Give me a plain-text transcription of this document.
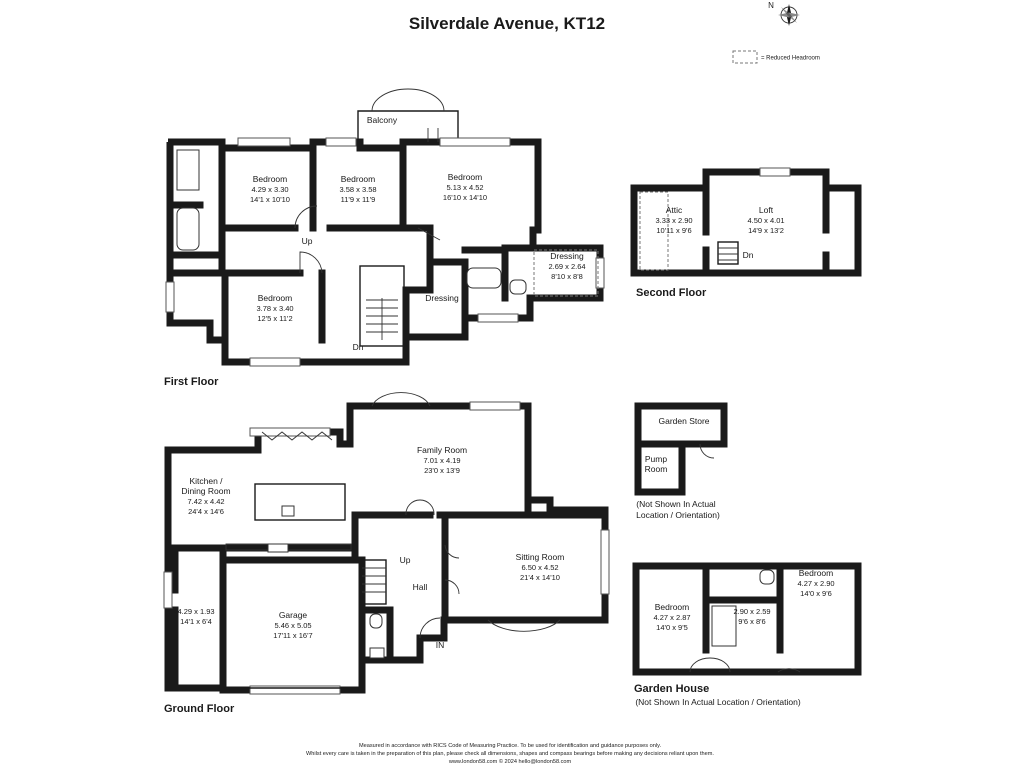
Silverdale Avenue, KT12
N
= Reduced Headroom
Balcony
Bedroom
4.29 x 3.30
14'1 x 10'10
Bedroom
3.58 x 3.58
11'9 x 11'9
Bedroom
5.13 x 4.52
16'10 x 14'10
Bedroom
3.78 x 3.40
12'5 x 11'2
Dressing
2.69 x 2.64
8'10 x 8'8
Dressing
Up
Dn
First Floor
Attic
3.33 x 2.90
10'11 x 9'6
Loft
4.50 x 4.01
14'9 x 13'2
Dn
Second Floor
Family Room
7.01 x 4.19
23'0 x 13'9
Kitchen /
Dining Room
7.42 x 4.42
24'4 x 14'6
Sitting Room
6.50 x 4.52
21'4 x 14'10
Garage
5.46 x 5.05
17'11 x 16'7
4.29 x 1.93
14'1 x 6'4
Hall
Up
IN
Ground Floor
Garden Store
Pump
Room
(Not Shown In Actual
Location / Orientation)
Bedroom
4.27 x 2.87
14'0 x 9'5
Bedroom
4.27 x 2.90
14'0 x 9'6
2.90 x 2.59
9'6 x 8'6
Garden House
(Not Shown In Actual Location / Orientation)
Measured in accordance with RICS Code of Measuring Practice. To be used for identification and guidance purposes only.
Whilst every care is taken in the preparation of this plan, please check all dimensions, shapes and compass bearings before making any decisions reliant upon them.
www.london58.com © 2024 hello@london58.com
